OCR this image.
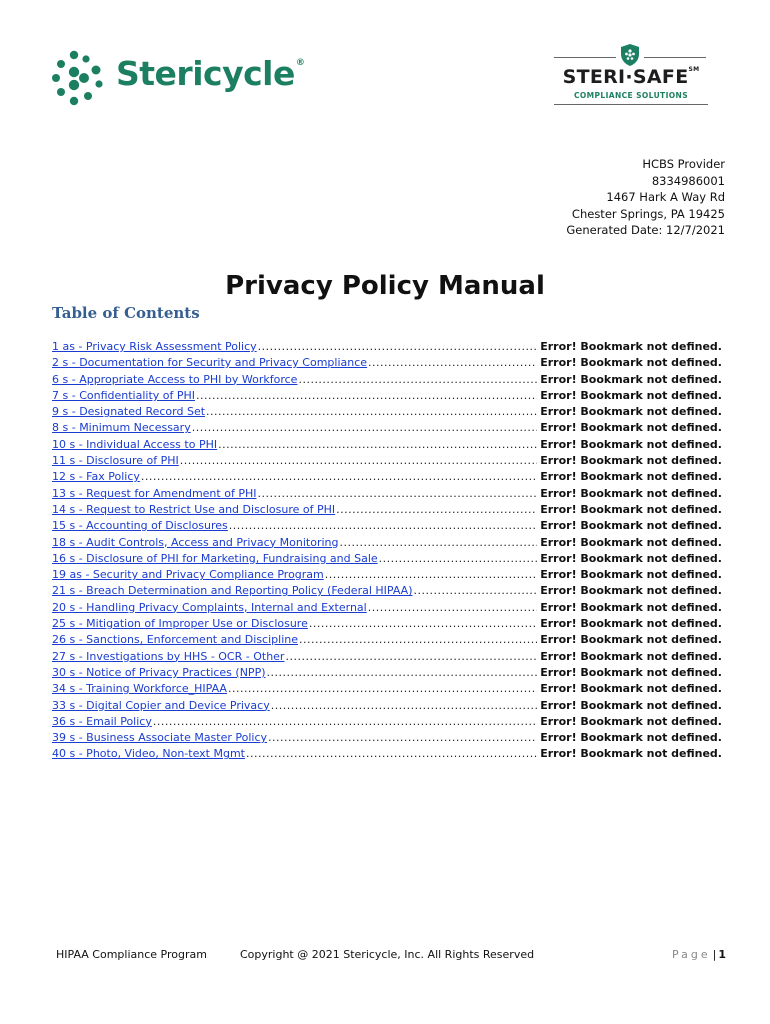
Stericycle®
STERI·SAFE℠
COMPLIANCE SOLUTIONS
HCBS Provider
8334986001
1467 Hark A Way Rd
Chester Springs, PA 19425
Generated Date: 12/7/2021
Privacy Policy Manual
Table of Contents
1 as - Privacy Risk Assessment Policy .....	Error! Bookmark not defined.
2 s - Documentation for Security and Privacy Compliance .....	Error! Bookmark not defined.
6 s - Appropriate Access to PHI by Workforce .....	Error! Bookmark not defined.
7 s - Confidentiality of PHI .....	Error! Bookmark not defined.
9 s - Designated Record Set .....	Error! Bookmark not defined.
8 s - Minimum Necessary .....	Error! Bookmark not defined.
10 s - Individual Access to PHI .....	Error! Bookmark not defined.
11 s - Disclosure of PHI .....	Error! Bookmark not defined.
12 s - Fax Policy .....	Error! Bookmark not defined.
13 s - Request for Amendment of PHI .....	Error! Bookmark not defined.
14 s - Request to Restrict Use and Disclosure of PHI .....	Error! Bookmark not defined.
15 s - Accounting of Disclosures .....	Error! Bookmark not defined.
18 s - Audit Controls, Access and Privacy Monitoring .....	Error! Bookmark not defined.
16 s - Disclosure of PHI for Marketing, Fundraising and Sale .....	Error! Bookmark not defined.
19 as - Security and Privacy Compliance Program .....	Error! Bookmark not defined.
21 s - Breach Determination and Reporting Policy (Federal HIPAA) .....	Error! Bookmark not defined.
20 s - Handling Privacy Complaints, Internal and External .....	Error! Bookmark not defined.
25 s - Mitigation of Improper Use or Disclosure .....	Error! Bookmark not defined.
26 s - Sanctions, Enforcement and Discipline .....	Error! Bookmark not defined.
27 s - Investigations by HHS - OCR - Other .....	Error! Bookmark not defined.
30 s - Notice of Privacy Practices (NPP) .....	Error! Bookmark not defined.
34 s - Training Workforce_HIPAA .....	Error! Bookmark not defined.
33 s - Digital Copier and Device Privacy .....	Error! Bookmark not defined.
36 s - Email Policy .....	Error! Bookmark not defined.
39 s - Business Associate Master Policy .....	Error! Bookmark not defined.
40 s - Photo, Video, Non-text Mgmt .....	Error! Bookmark not defined.
HIPAA Compliance Program	Copyright @ 2021 Stericycle, Inc. All Rights Reserved	Page | 1
